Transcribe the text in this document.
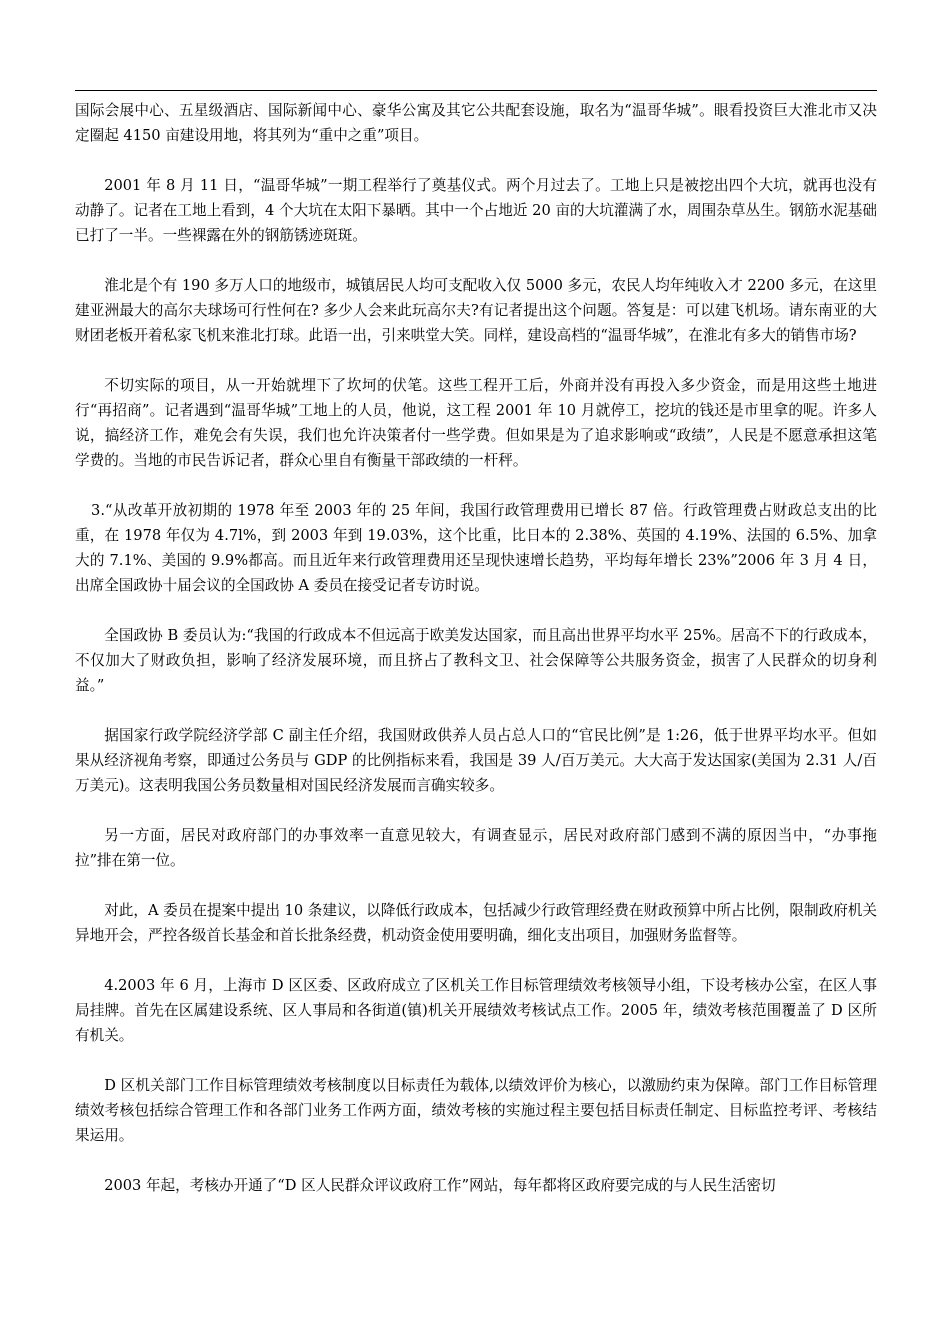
国际会展中心、五星级酒店、国际新闻中心、豪华公寓及其它公共配套设施，取名为“温哥华城”。眼看投资巨大淮北市又决定圈起 4150 亩建设用地，将其列为“重中之重”项目。

2001 年 8 月 11 日，“温哥华城”一期工程举行了奠基仪式。两个月过去了。工地上只是被挖出四个大坑，就再也没有动静了。记者在工地上看到，4 个大坑在太阳下暴晒。其中一个占地近 20 亩的大坑灌满了水，周围杂草丛生。钢筋水泥基础已打了一半。一些裸露在外的钢筋锈迹斑斑。

淮北是个有 190 多万人口的地级市，城镇居民人均可支配收入仅 5000 多元，农民人均年纯收入才 2200 多元，在这里建亚洲最大的高尔夫球场可行性何在? 多少人会来此玩高尔夫?有记者提出这个问题。答复是：可以建飞机场。请东南亚的大财团老板开着私家飞机来淮北打球。此语一出，引来哄堂大笑。同样，建设高档的“温哥华城”，在淮北有多大的销售市场?

不切实际的项目，从一开始就埋下了坎坷的伏笔。这些工程开工后，外商并没有再投入多少资金，而是用这些土地进行“再招商”。记者遇到“温哥华城”工地上的人员，他说，这工程 2001 年 10 月就停工，挖坑的钱还是市里拿的呢。许多人说，搞经济工作，难免会有失误，我们也允许决策者付一些学费。但如果是为了追求影响或“政绩”，人民是不愿意承担这笔学费的。当地的市民告诉记者，群众心里自有衡量干部政绩的一杆秤。

3.“从改革开放初期的 1978 年至 2003 年的 25 年间，我国行政管理费用已增长 87 倍。行政管理费占财政总支出的比重，在 1978 年仅为 4.7l%，到 2003 年到 19.03%，这个比重，比日本的 2.38%、英国的 4.19%、法国的 6.5%、加拿大的 7.1%、美国的 9.9%都高。而且近年来行政管理费用还呈现快速增长趋势，平均每年增长 23%”2006 年 3 月 4 日，出席全国政协十届会议的全国政协 A 委员在接受记者专访时说。

全国政协 B 委员认为:“我国的行政成本不但远高于欧美发达国家，而且高出世界平均水平 25%。居高不下的行政成本，不仅加大了财政负担，影响了经济发展环境，而且挤占了教科文卫、社会保障等公共服务资金，损害了人民群众的切身利益。”

据国家行政学院经济学部 C 副主任介绍，我国财政供养人员占总人口的“官民比例”是 1:26，低于世界平均水平。但如果从经济视角考察，即通过公务员与 GDP 的比例指标来看，我国是 39 人/百万美元。大大高于发达国家(美国为 2.31 人/百万美元)。这表明我国公务员数量相对国民经济发展而言确实较多。

另一方面，居民对政府部门的办事效率一直意见较大，有调查显示，居民对政府部门感到不满的原因当中，“办事拖拉”排在第一位。

对此，A 委员在提案中提出 10 条建议，以降低行政成本，包括减少行政管理经费在财政预算中所占比例，限制政府机关异地开会，严控各级首长基金和首长批条经费，机动资金使用要明确，细化支出项目，加强财务监督等。

4.2003 年 6 月，上海市 D 区区委、区政府成立了区机关工作目标管理绩效考核领导小组，下设考核办公室，在区人事局挂牌。首先在区属建设系统、区人事局和各街道(镇)机关开展绩效考核试点工作。2005 年，绩效考核范围覆盖了 D 区所有机关。

D 区机关部门工作目标管理绩效考核制度以目标责任为载体,以绩效评价为核心，以激励约束为保障。部门工作目标管理绩效考核包括综合管理工作和各部门业务工作两方面，绩效考核的实施过程主要包括目标责任制定、目标监控考评、考核结果运用。

2003 年起，考核办开通了“D 区人民群众评议政府工作”网站，每年都将区政府要完成的与人民生活密切
